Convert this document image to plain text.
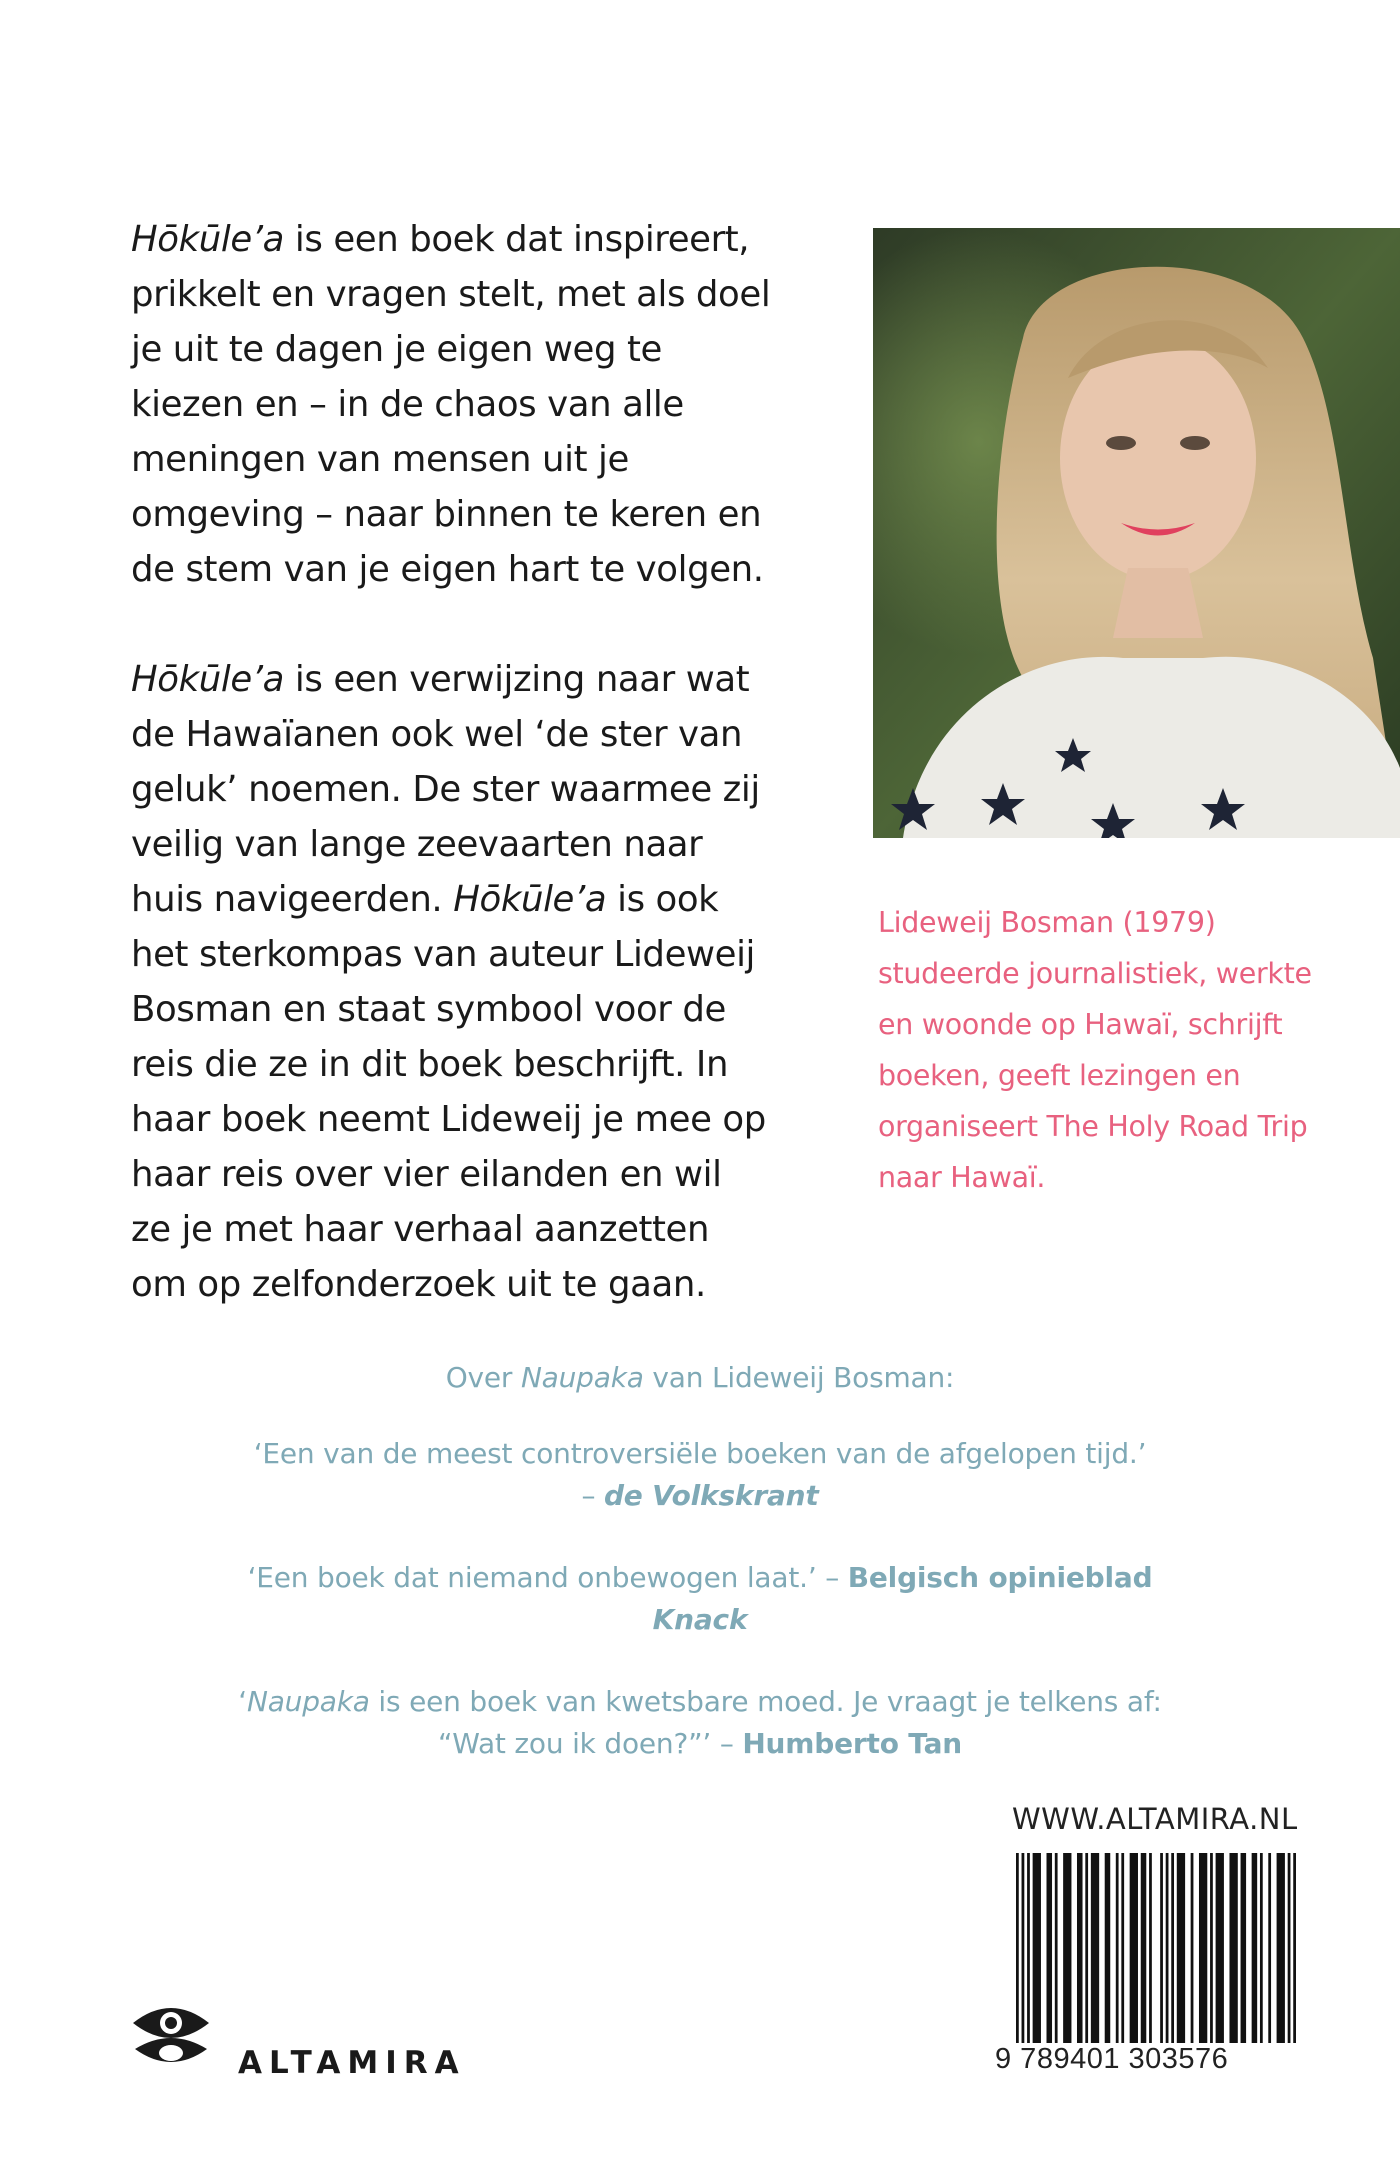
Hōkūle’a is een boek dat inspireert, prikkelt en vragen stelt, met als doel je uit te dagen je eigen weg te kiezen en – in de chaos van alle meningen van mensen uit je omgeving – naar binnen te keren en de stem van je eigen hart te volgen.

Hōkūle’a is een verwijzing naar wat de Hawaïanen ook wel ‘de ster van geluk’ noemen. De ster waarmee zij veilig van lange zeevaarten naar huis navigeerden. Hōkūle’a is ook het sterkompas van auteur Lideweij Bosman en staat symbool voor de reis die ze in dit boek beschrijft. In haar boek neemt Lideweij je mee op haar reis over vier eilanden en wil ze je met haar verhaal aanzetten om op zelfonderzoek uit te gaan.

Lideweij Bosman (1979) studeerde journalistiek, werkte en woonde op Hawaï, schrijft boeken, geeft lezingen en organiseert The Holy Road Trip naar Hawaï.

Over Naupaka van Lideweij Bosman:

‘Een van de meest controversiële boeken van de afgelopen tijd.’

– de Volkskrant

‘Een boek dat niemand onbewogen laat.’ – Belgisch opinieblad Knack

‘Naupaka is een boek van kwetsbare moed. Je vraagt je telkens af:

“Wat zou ik doen?”’ – Humberto Tan

WWW.ALTAMIRA.NL
9 789401 303576
ALTAMIRA
